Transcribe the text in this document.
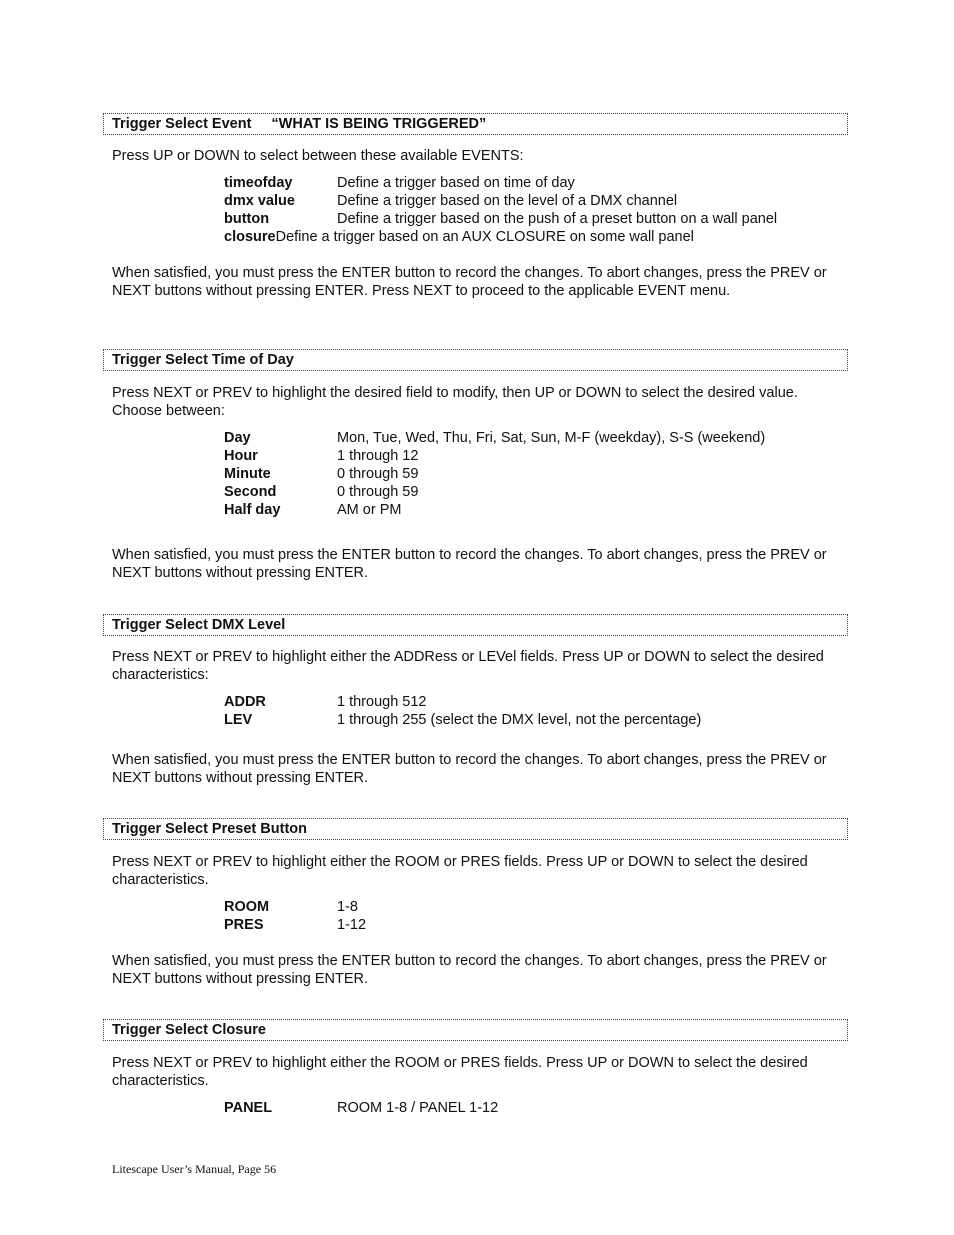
Trigger Select Event “WHAT IS BEING TRIGGERED”

Press UP or DOWN to select between these available EVENTS:

timeofday	Define a trigger based on time of day
dmx value	Define a trigger based on the level of a DMX channel
button	Define a trigger based on the push of a preset button on a wall panel
closure Define a trigger based on an AUX CLOSURE on some wall panel

When satisfied, you must press the ENTER button to record the changes. To abort changes, press the PREV or NEXT buttons without pressing ENTER. Press NEXT to proceed to the applicable EVENT menu.

Trigger Select Time of Day

Press NEXT or PREV to highlight the desired field to modify, then UP or DOWN to select the desired value. Choose between:

Day	Mon, Tue, Wed, Thu, Fri, Sat, Sun, M-F (weekday), S-S (weekend)
Hour	1 through 12
Minute	0 through 59
Second	0 through 59
Half day	AM or PM

When satisfied, you must press the ENTER button to record the changes. To abort changes, press the PREV or NEXT buttons without pressing ENTER.

Trigger Select DMX Level

Press NEXT or PREV to highlight either the ADDRess or LEVel fields. Press UP or DOWN to select the desired characteristics:

ADDR	1 through 512
LEV	1 through 255 (select the DMX level, not the percentage)

When satisfied, you must press the ENTER button to record the changes. To abort changes, press the PREV or NEXT buttons without pressing ENTER.

Trigger Select Preset Button

Press NEXT or PREV to highlight either the ROOM or PRES fields. Press UP or DOWN to select the desired characteristics.

ROOM	1-8
PRES	1-12

When satisfied, you must press the ENTER button to record the changes. To abort changes, press the PREV or NEXT buttons without pressing ENTER.

Trigger Select Closure

Press NEXT or PREV to highlight either the ROOM or PRES fields. Press UP or DOWN to select the desired characteristics.

PANEL	ROOM 1-8 / PANEL 1-12
Litescape User’s Manual, Page 56
